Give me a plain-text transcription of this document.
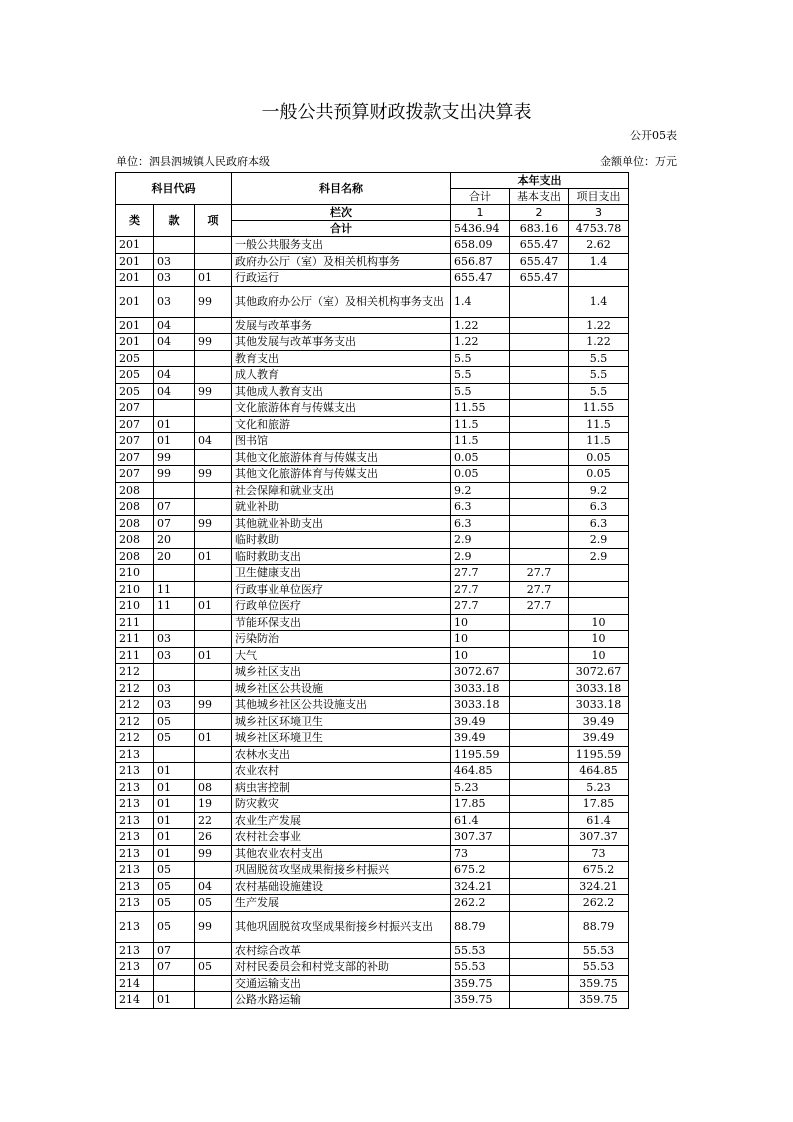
一般公共预算财政拨款支出决算表
公开05表
单位：泗县泗城镇人民政府本级	金额单位：万元
科目代码			科目名称	本年支出		
				合计	基本支出	项目支出
类	款	项	栏次	1	2	3
			合计	5436.94	683.16	4753.78
201			一般公共服务支出	658.09	655.47	2.62
201	03		政府办公厅（室）及相关机构事务	656.87	655.47	1.4
201	03	01	行政运行	655.47	655.47	
201	03	99	其他政府办公厅（室）及相关机构事务支出	1.4		1.4
201	04		发展与改革事务	1.22		1.22
201	04	99	其他发展与改革事务支出	1.22		1.22
205			教育支出	5.5		5.5
205	04		成人教育	5.5		5.5
205	04	99	其他成人教育支出	5.5		5.5
207			文化旅游体育与传媒支出	11.55		11.55
207	01		文化和旅游	11.5		11.5
207	01	04	图书馆	11.5		11.5
207	99		其他文化旅游体育与传媒支出	0.05		0.05
207	99	99	其他文化旅游体育与传媒支出	0.05		0.05
208			社会保障和就业支出	9.2		9.2
208	07		就业补助	6.3		6.3
208	07	99	其他就业补助支出	6.3		6.3
208	20		临时救助	2.9		2.9
208	20	01	临时救助支出	2.9		2.9
210			卫生健康支出	27.7	27.7	
210	11		行政事业单位医疗	27.7	27.7	
210	11	01	行政单位医疗	27.7	27.7	
211			节能环保支出	10		10
211	03		污染防治	10		10
211	03	01	大气	10		10
212			城乡社区支出	3072.67		3072.67
212	03		城乡社区公共设施	3033.18		3033.18
212	03	99	其他城乡社区公共设施支出	3033.18		3033.18
212	05		城乡社区环境卫生	39.49		39.49
212	05	01	城乡社区环境卫生	39.49		39.49
213			农林水支出	1195.59		1195.59
213	01		农业农村	464.85		464.85
213	01	08	病虫害控制	5.23		5.23
213	01	19	防灾救灾	17.85		17.85
213	01	22	农业生产发展	61.4		61.4
213	01	26	农村社会事业	307.37		307.37
213	01	99	其他农业农村支出	73		73
213	05		巩固脱贫攻坚成果衔接乡村振兴	675.2		675.2
213	05	04	农村基础设施建设	324.21		324.21
213	05	05	生产发展	262.2		262.2
213	05	99	其他巩固脱贫攻坚成果衔接乡村振兴支出	88.79		88.79
213	07		农村综合改革	55.53		55.53
213	07	05	对村民委员会和村党支部的补助	55.53		55.53
214			交通运输支出	359.75		359.75
214	01		公路水路运输	359.75		359.75
